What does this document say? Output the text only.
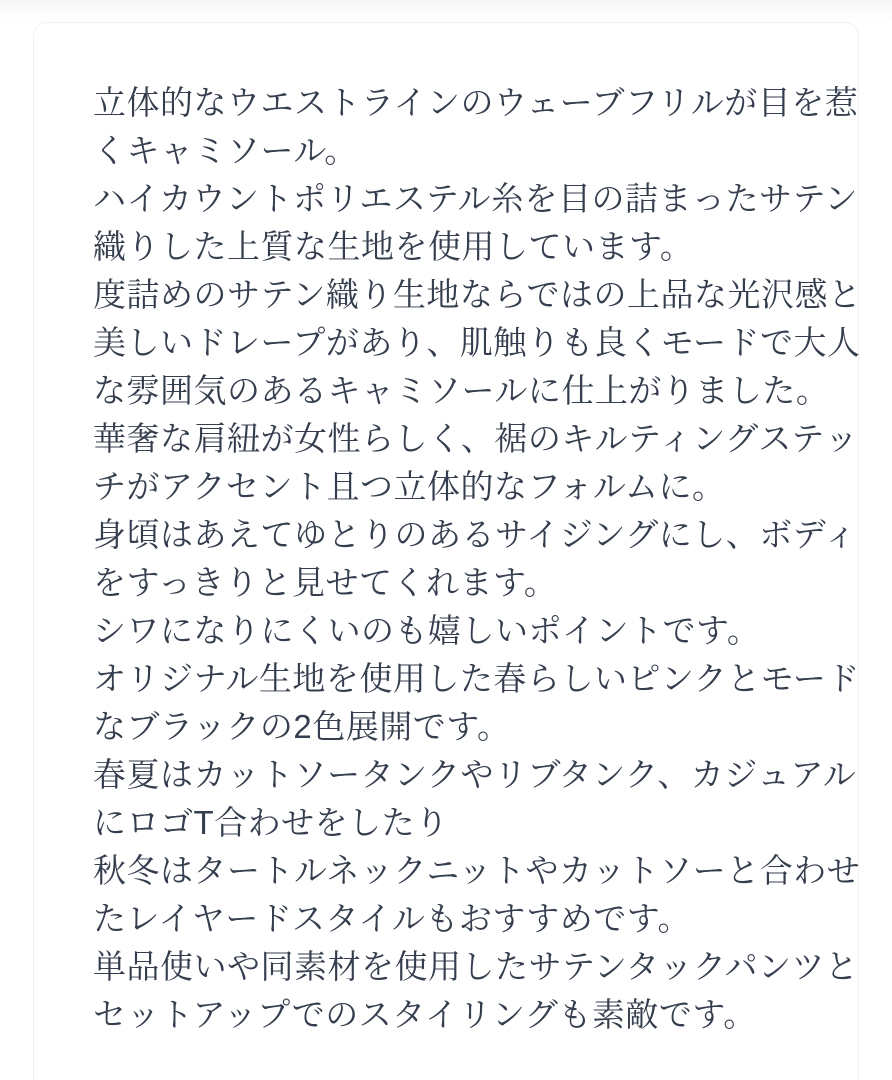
立体的なウエストラインのウェーブフリルが目を惹
くキャミソール。
ハイカウントポリエステル糸を目の詰まったサテン
織りした上質な生地を使用しています。
度詰めのサテン織り生地ならではの上品な光沢感と
美しいドレープがあり、肌触りも良くモードで大人
な雰囲気のあるキャミソールに仕上がりました。
華奢な肩紐が女性らしく、裾のキルティングステッ
チがアクセント且つ立体的なフォルムに。
身頃はあえてゆとりのあるサイジングにし、ボディ
をすっきりと見せてくれます。
シワになりにくいのも嬉しいポイントです。
オリジナル生地を使用した春らしいピンクとモード
なブラックの2色展開です。
春夏はカットソータンクやリブタンク、カジュアル
にロゴT合わせをしたり
秋冬はタートルネックニットやカットソーと合わせ
たレイヤードスタイルもおすすめです。
単品使いや同素材を使用したサテンタックパンツと
セットアップでのスタイリングも素敵です。
